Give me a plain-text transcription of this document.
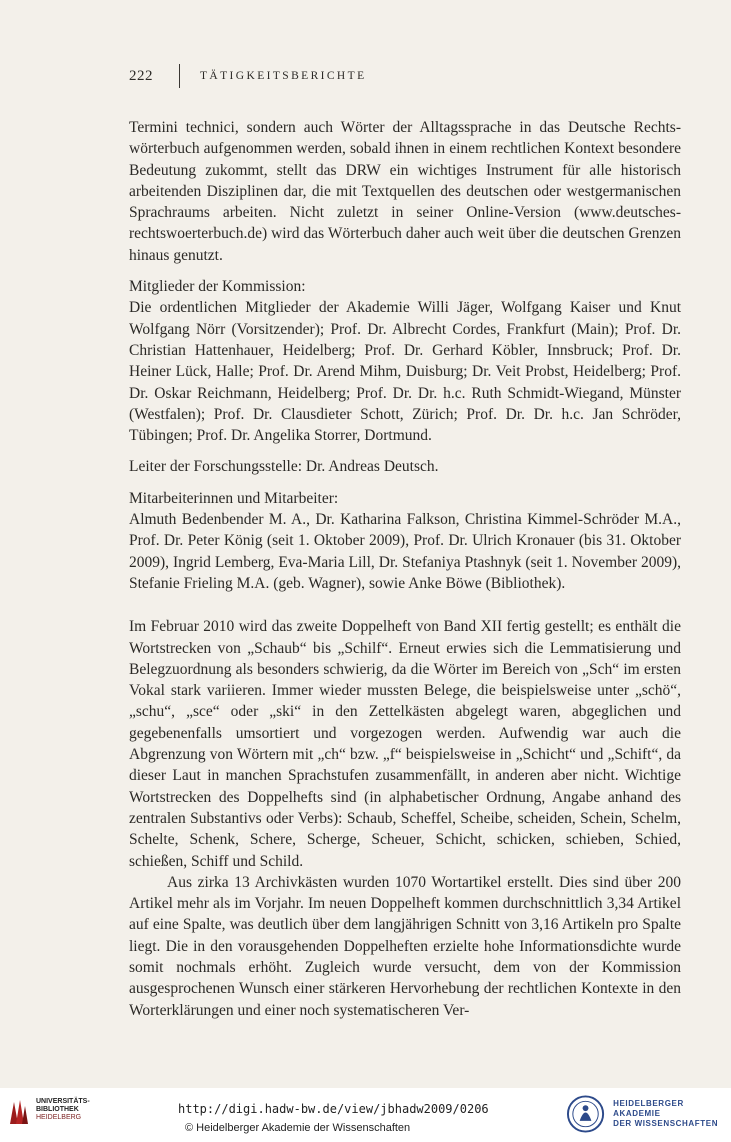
222	TÄTIGKEITSBERICHTE

Termini technici, sondern auch Wörter der Alltagssprache in das Deutsche Rechtswörterbuch aufgenommen werden, sobald ihnen in einem rechtlichen Kontext besondere Bedeutung zukommt, stellt das DRW ein wichtiges Instrument für alle historisch arbeitenden Disziplinen dar, die mit Textquellen des deutschen oder westgermanischen Sprachraums arbeiten. Nicht zuletzt in seiner Online-Version (www.deutsches-rechtswoerterbuch.de) wird das Wörterbuch daher auch weit über die deutschen Grenzen hinaus genutzt.

Mitglieder der Kommission:

Die ordentlichen Mitglieder der Akademie Willi Jäger, Wolfgang Kaiser und Knut Wolfgang Nörr (Vorsitzender); Prof. Dr. Albrecht Cordes, Frankfurt (Main); Prof. Dr. Christian Hattenhauer, Heidelberg; Prof. Dr. Gerhard Köbler, Innsbruck; Prof. Dr. Heiner Lück, Halle; Prof. Dr. Arend Mihm, Duisburg; Dr. Veit Probst, Heidelberg; Prof. Dr. Oskar Reichmann, Heidelberg; Prof. Dr. Dr. h.c. Ruth Schmidt-Wiegand, Münster (Westfalen); Prof. Dr. Clausdieter Schott, Zürich; Prof. Dr. Dr. h.c. Jan Schröder, Tübingen; Prof. Dr. Angelika Storrer, Dortmund.

Leiter der Forschungsstelle: Dr. Andreas Deutsch.

Mitarbeiterinnen und Mitarbeiter:

Almuth Bedenbender M. A., Dr. Katharina Falkson, Christina Kimmel-Schröder M.A., Prof. Dr. Peter König (seit 1. Oktober 2009), Prof. Dr. Ulrich Kronauer (bis 31. Oktober 2009), Ingrid Lemberg, Eva-Maria Lill, Dr. Stefaniya Ptashnyk (seit 1. November 2009), Stefanie Frieling M.A. (geb. Wagner), sowie Anke Böwe (Bibliothek).

Im Februar 2010 wird das zweite Doppelheft von Band XII fertig gestellt; es enthält die Wortstrecken von „Schaub“ bis „Schilf“. Erneut erwies sich die Lemmatisierung und Belegzuordnung als besonders schwierig, da die Wörter im Bereich von „Sch“ im ersten Vokal stark variieren. Immer wieder mussten Belege, die beispielsweise unter „schö“, „schu“, „sce“ oder „ski“ in den Zettelkästen abgelegt waren, abgeglichen und gegebenenfalls umsortiert und vorgezogen werden. Aufwendig war auch die Abgrenzung von Wörtern mit „ch“ bzw. „f“ beispielsweise in „Schicht“ und „Schift“, da dieser Laut in manchen Sprachstufen zusammenfällt, in anderen aber nicht. Wichtige Wortstrecken des Doppelhefts sind (in alphabetischer Ordnung, Angabe anhand des zentralen Substantivs oder Verbs): Schaub, Scheffel, Scheibe, scheiden, Schein, Schelm, Schelte, Schenk, Schere, Scherge, Scheuer, Schicht, schicken, schieben, Schied, schießen, Schiff und Schild.

Aus zirka 13 Archivkästen wurden 1070 Wortartikel erstellt. Dies sind über 200 Artikel mehr als im Vorjahr. Im neuen Doppelheft kommen durchschnittlich 3,34 Artikel auf eine Spalte, was deutlich über dem langjährigen Schnitt von 3,16 Artikeln pro Spalte liegt. Die in den vorausgehenden Doppelheften erzielte hohe Informationsdichte wurde somit nochmals erhöht. Zugleich wurde versucht, dem von der Kommission ausgesprochenen Wunsch einer stärkeren Hervorhebung der rechtlichen Kontexte in den Worterklärungen und einer noch systematischeren Ver-

UNIVERSITÄTS-
BIBLIOTHEK
HEIDELBERG
http://digi.hadw-bw.de/view/jbhadw2009/0206
© Heidelberger Akademie der Wissenschaften
HEIDELBERGER AKADEMIE
DER WISSENSCHAFTEN
